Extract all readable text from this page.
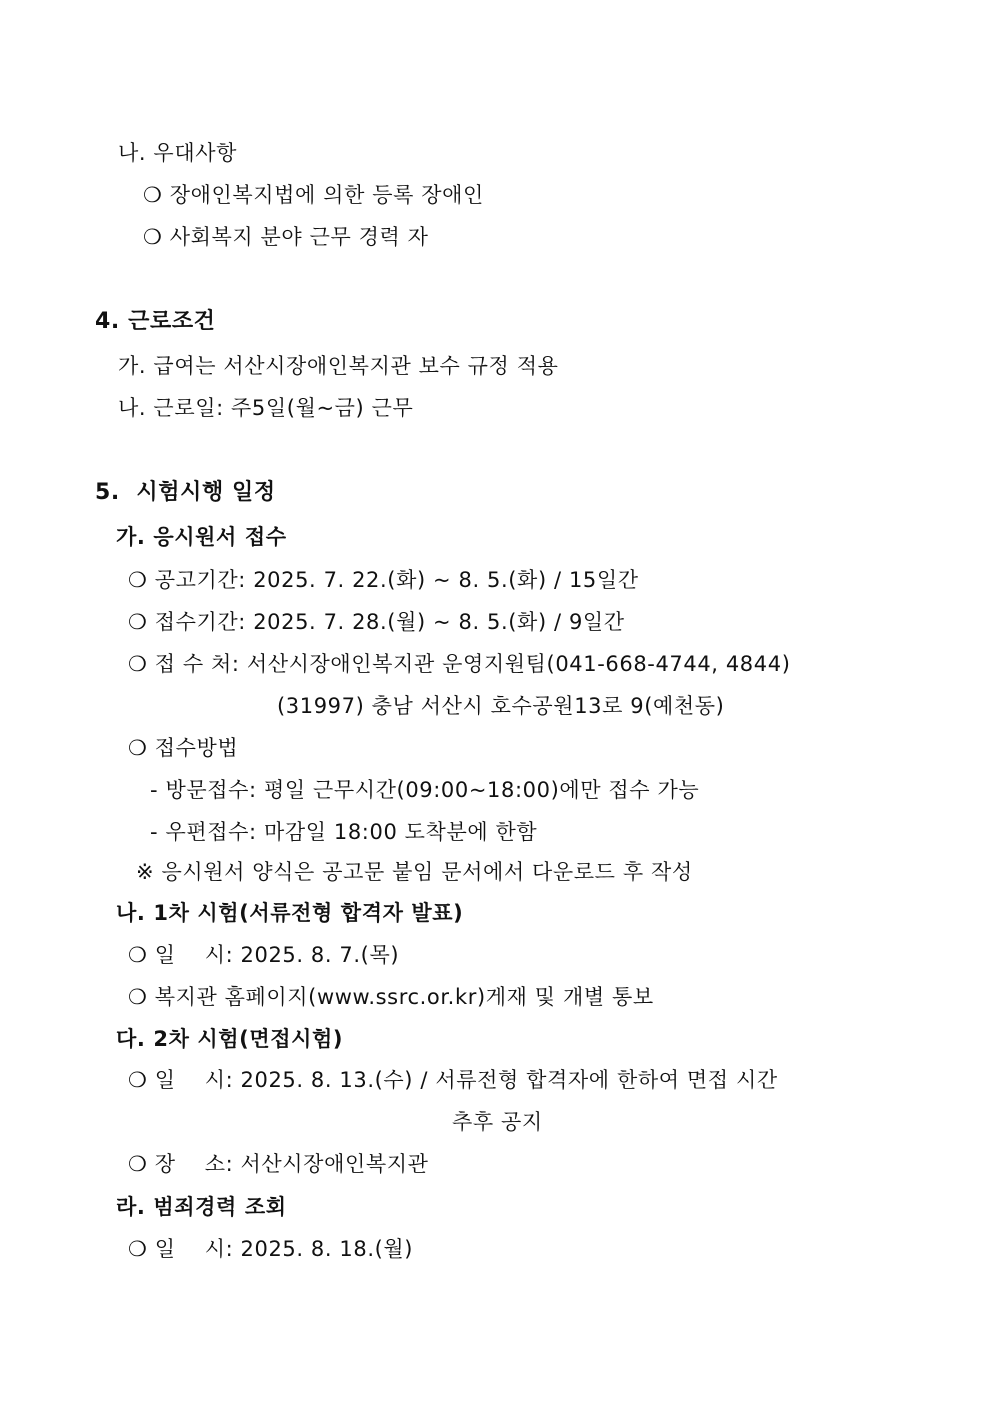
나. 우대사항
❍ 장애인복지법에 의한 등록 장애인
❍ 사회복지 분야 근무 경력 자
4. 근로조건
가. 급여는 서산시장애인복지관 보수 규정 적용
나. 근로일: 주5일(월~금) 근무
5.  시험시행 일정
가. 응시원서 접수
❍ 공고기간: 2025. 7. 22.(화) ~ 8. 5.(화) / 15일간
❍ 접수기간: 2025. 7. 28.(월) ~ 8. 5.(화) / 9일간
❍ 접 수 처: 서산시장애인복지관 운영지원팀(041-668-4744, 4844)
(31997) 충남 서산시 호수공원13로 9(예천동)
❍ 접수방법
- 방문접수: 평일 근무시간(09:00~18:00)에만 접수 가능
- 우편접수: 마감일 18:00 도착분에 한함
※ 응시원서 양식은 공고문 붙임 문서에서 다운로드 후 작성
나. 1차 시험(서류전형 합격자 발표)
❍ 일    시: 2025. 8. 7.(목)
❍ 복지관 홈페이지(www.ssrc.or.kr)게재 및 개별 통보
다. 2차 시험(면접시험)
❍ 일    시: 2025. 8. 13.(수) / 서류전형 합격자에 한하여 면접 시간
추후 공지
❍ 장    소: 서산시장애인복지관
라. 범죄경력 조회
❍ 일    시: 2025. 8. 18.(월)
